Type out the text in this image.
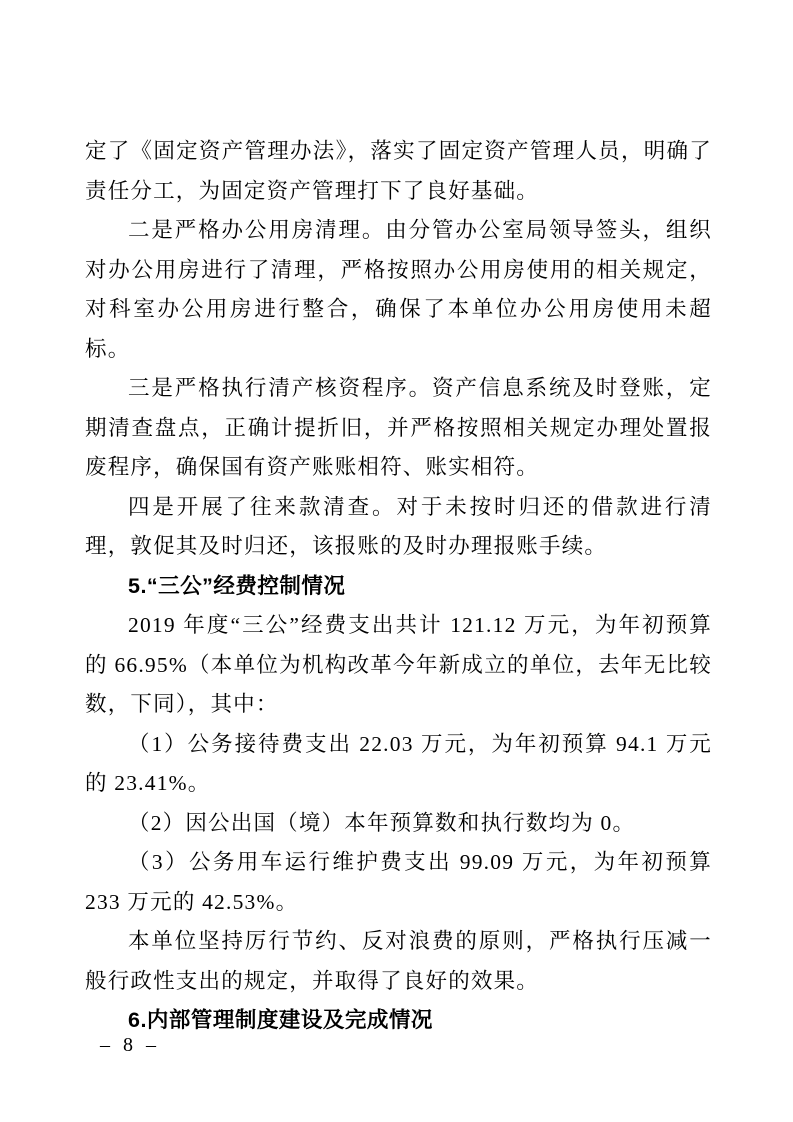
定了《固定资产管理办法》，落实了固定资产管理人员，明确了责任分工，为固定资产管理打下了良好基础。

二是严格办公用房清理。由分管办公室局领导签头，组织对办公用房进行了清理，严格按照办公用房使用的相关规定，对科室办公用房进行整合，确保了本单位办公用房使用未超标。

三是严格执行清产核资程序。资产信息系统及时登账，定期清查盘点，正确计提折旧，并严格按照相关规定办理处置报废程序，确保国有资产账账相符、账实相符。

四是开展了往来款清查。对于未按时归还的借款进行清理，敦促其及时归还，该报账的及时办理报账手续。

5.“三公”经费控制情况

2019 年度“三公”经费支出共计 121.12 万元，为年初预算的 66.95%（本单位为机构改革今年新成立的单位，去年无比较数，下同），其中：

（1）公务接待费支出 22.03 万元，为年初预算 94.1 万元的 23.41%。

（2）因公出国（境）本年预算数和执行数均为 0。

（3）公务用车运行维护费支出 99.09 万元，为年初预算 233 万元的 42.53%。

本单位坚持厉行节约、反对浪费的原则，严格执行压减一般行政性支出的规定，并取得了良好的效果。

6.内部管理制度建设及完成情况

– 8 –
